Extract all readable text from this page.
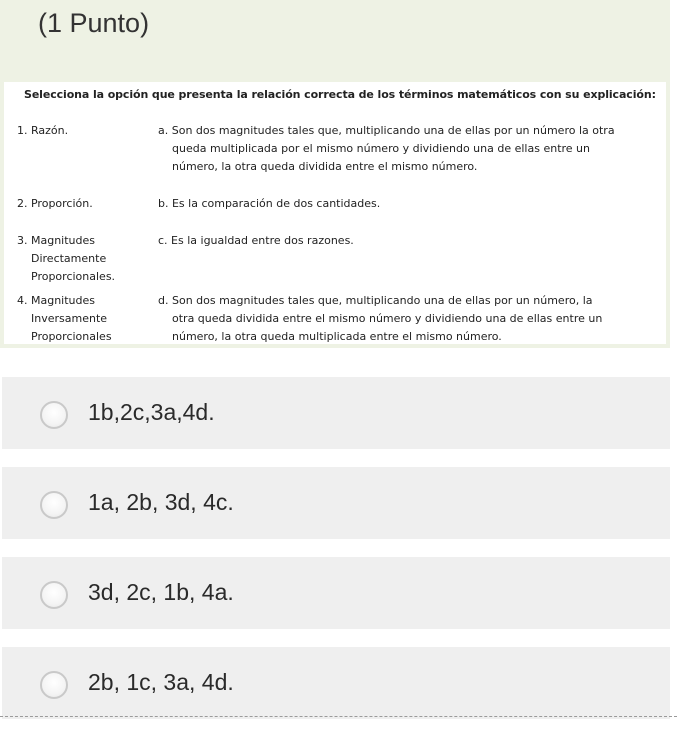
(1 Punto)
Selecciona la opción que presenta la relación correcta de los términos matemáticos con su explicación:
1. Razón.
2. Proporción.
3. Magnitudes
Directamente
Proporcionales.
4. Magnitudes
Inversamente
Proporcionales
a. Son dos magnitudes tales que, multiplicando una de ellas por un número la otra
queda multiplicada por el mismo número y dividiendo una de ellas entre un
número, la otra queda dividida entre el mismo número.
b. Es la comparación de dos cantidades.
c. Es la igualdad entre dos razones.
d. Son dos magnitudes tales que, multiplicando una de ellas por un número, la
otra queda dividida entre el mismo número y dividiendo una de ellas entre un
número, la otra queda multiplicada entre el mismo número.
1b,2c,3a,4d.
1a, 2b, 3d, 4c.
3d, 2c, 1b, 4a.
2b, 1c, 3a, 4d.
